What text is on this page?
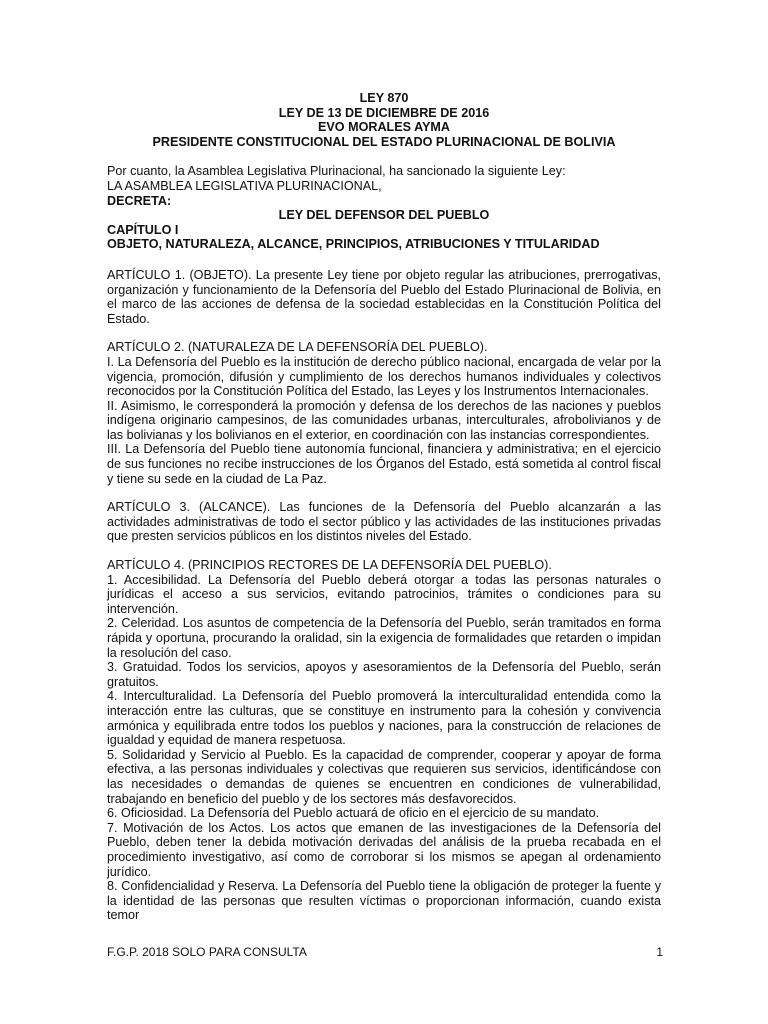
LEY 870

LEY DE 13 DE DICIEMBRE DE 2016

EVO MORALES AYMA

PRESIDENTE CONSTITUCIONAL DEL ESTADO PLURINACIONAL DE BOLIVIA

Por cuanto, la Asamblea Legislativa Plurinacional, ha sancionado la siguiente Ley:

LA ASAMBLEA LEGISLATIVA PLURINACIONAL,

DECRETA:

LEY DEL DEFENSOR DEL PUEBLO

CAPÍTULO I

OBJETO, NATURALEZA, ALCANCE, PRINCIPIOS, ATRIBUCIONES Y TITULARIDAD

ARTÍCULO 1. (OBJETO). La presente Ley tiene por objeto regular las atribuciones, prerrogativas, organización y funcionamiento de la Defensoría del Pueblo del Estado Plurinacional de Bolivia, en el marco de las acciones de defensa de la sociedad establecidas en la Constitución Política del Estado.

ARTÍCULO 2. (NATURALEZA DE LA DEFENSORÍA DEL PUEBLO).

I. La Defensoría del Pueblo es la institución de derecho público nacional, encargada de velar por la vigencia, promoción, difusión y cumplimiento de los derechos humanos individuales y colectivos reconocidos por la Constitución Política del Estado, las Leyes y los Instrumentos Internacionales.

II. Asimismo, le corresponderá la promoción y defensa de los derechos de las naciones y pueblos indígena originario campesinos, de las comunidades urbanas, interculturales, afrobolivianos y de las bolivianas y los bolivianos en el exterior, en coordinación con las instancias correspondientes.

III. La Defensoría del Pueblo tiene autonomía funcional, financiera y administrativa; en el ejercicio de sus funciones no recibe instrucciones de los Órganos del Estado, está sometida al control fiscal y tiene su sede en la ciudad de La Paz.

ARTÍCULO 3. (ALCANCE). Las funciones de la Defensoría del Pueblo alcanzarán a las actividades administrativas de todo el sector público y las actividades de las instituciones privadas que presten servicios públicos en los distintos niveles del Estado.

ARTÍCULO 4. (PRINCIPIOS RECTORES DE LA DEFENSORÍA DEL PUEBLO).

1. Accesibilidad. La Defensoría del Pueblo deberá otorgar a todas las personas naturales o jurídicas el acceso a sus servicios, evitando patrocinios, trámites o condiciones para su intervención.

2. Celeridad. Los asuntos de competencia de la Defensoría del Pueblo, serán tramitados en forma rápida y oportuna, procurando la oralidad, sin la exigencia de formalidades que retarden o impidan la resolución del caso.

3. Gratuidad. Todos los servicios, apoyos y asesoramientos de la Defensoría del Pueblo, serán gratuitos.

4. Interculturalidad. La Defensoría del Pueblo promoverá la interculturalidad entendida como la interacción entre las culturas, que se constituye en instrumento para la cohesión y convivencia armónica y equilibrada entre todos los pueblos y naciones, para la construcción de relaciones de igualdad y equidad de manera respetuosa.

5. Solidaridad y Servicio al Pueblo. Es la capacidad de comprender, cooperar y apoyar de forma efectiva, a las personas individuales y colectivas que requieren sus servicios, identificándose con las necesidades o demandas de quienes se encuentren en condiciones de vulnerabilidad, trabajando en beneficio del pueblo y de los sectores más desfavorecidos.

6. Oficiosidad. La Defensoría del Pueblo actuará de oficio en el ejercicio de su mandato.

7. Motivación de los Actos. Los actos que emanen de las investigaciones de la Defensoría del Pueblo, deben tener la debida motivación derivadas del análisis de la prueba recabada en el procedimiento investigativo, así como de corroborar si los mismos se apegan al ordenamiento jurídico.

8. Confidencialidad y Reserva. La Defensoría del Pueblo tiene la obligación de proteger la fuente y la identidad de las personas que resulten víctimas o proporcionan información, cuando exista temor

F.G.P. 2018 SOLO PARA CONSULTA	1
